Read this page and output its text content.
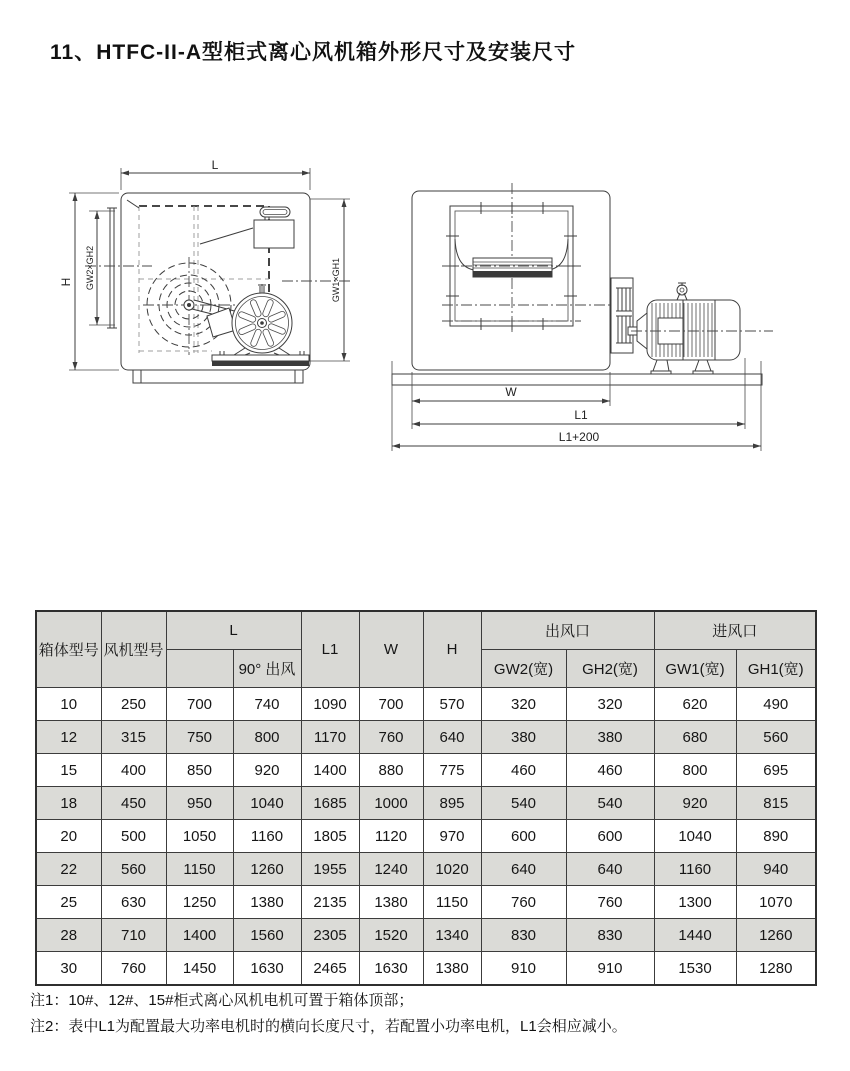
11、HTFC-II-A型柜式离心风机箱外形尺寸及安装尺寸
L
H GW2×GH2	GW1×GH1
W
L1
L1+200
箱体型号	风机型号	L		L1	W	H	出风口		进风口	
			90° 出风				GW2(宽)	GH2(宽)	GW1(宽)	GH1(宽)
10	250	700	740	1090	700	570	320	320	620	490
12	315	750	800	1170	760	640	380	380	680	560
15	400	850	920	1400	880	775	460	460	800	695
18	450	950	1040	1685	1000	895	540	540	920	815
20	500	1050	1160	1805	1120	970	600	600	1040	890
22	560	1150	1260	1955	1240	1020	640	640	1160	940
25	630	1250	1380	2135	1380	1150	760	760	1300	1070
28	710	1400	1560	2305	1520	1340	830	830	1440	1260
30	760	1450	1630	2465	1630	1380	910	910	1530	1280

注1：10#、12#、15#柜式离心风机电机可置于箱体顶部；

注2：表中L1为配置最大功率电机时的横向长度尺寸，若配置小功率电机，L1会相应减小。
